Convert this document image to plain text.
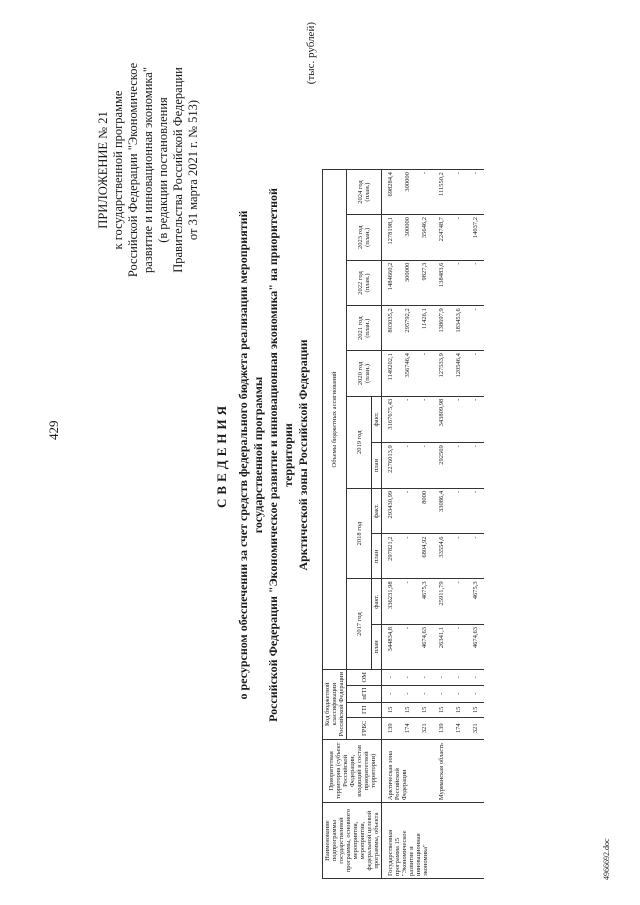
429
ПРИЛОЖЕНИЕ № 21 к государственной программе Российской Федерации "Экономическое развитие и инновационная экономика" (в редакции постановления Правительства Российской Федерации от 31 марта 2021 г. № 513)
СВЕДЕНИЯ о ресурсном обеспечении за счет средств федерального бюджета реализации мероприятий государственной программы Российской Федерации "Экономическое развитие и инновационная экономика" на приоритетной территории Арктической зоны Российской Федерации
(тыс. рублей)
Наименование подпрограммы государственной программы, основного мероприятия, мероприятия, федеральной целевой программы, объекта	Приоритетная территория (субъект Российской Федерации, входящий в состав приоритетной территории)	Код бюджетной классификации Российской Федерации				Объемы бюджетных ассигнований										
		ГРБС	ГП	пГП	ОМ	2017 год		2018 год		2019 год		2020 год (план.)	2021 год (план.)	2022 год (план.)	2023 год (план.)	2024 год (план.)
						план	факт.	план	факт.	план	факт.					
Государственная программа 15 "Экономическое развитие и инновационная экономика"	Арктическая зона Российской Федерации	139	15	-	-	344834,8	336231,98	297821,2	293430,99	2276013,9	3167675,43	1149202,1	803035,2	1484660,2	1278198,1	698284,4
		174	15	-	-	-	-	-	-	-	-	356746,4	295792,2	300000	300000	300000
		321	15	-	-	4674,63	4675,3	6804,92	8000	-	-	-	11426,1	9827,3	35646,2	-
	Мурманская область	139	15	-	-	26341,1	25911,79	33554,6	33086,4	292569	343809,98	127533,9	138697,9	138483,6	224748,7	111550,2
		174	15	-	-	-	-	-	-	-	-	120546,4	183453,6	-	-	-
		321	15	-	-	4674,63	4675,3	-	-	-	-	-	-	-	14037,2	-
4966692.doc
